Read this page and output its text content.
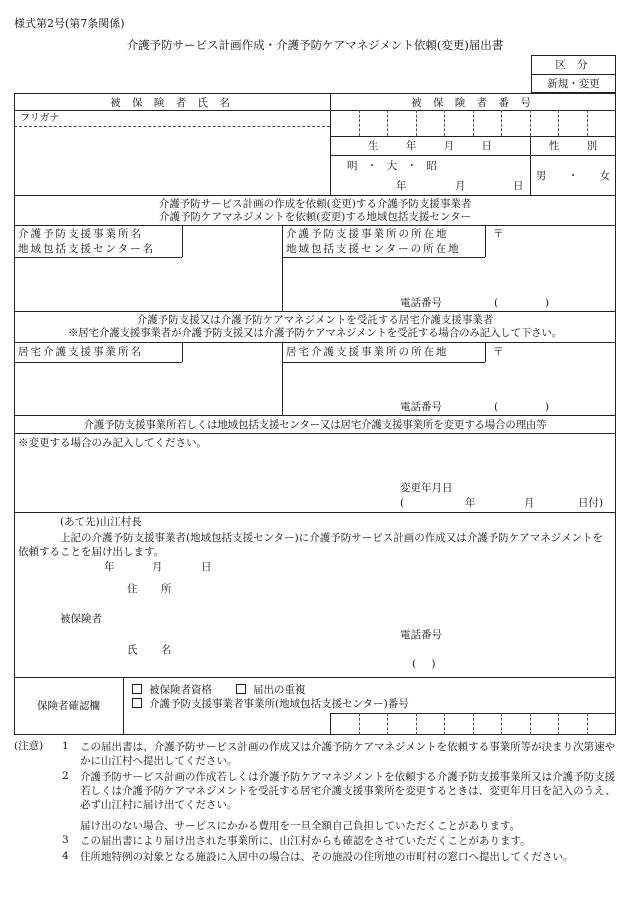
様式第2号(第7条関係)
介護予防サービス計画作成・介護予防ケアマネジメント依頼(変更)届出書
区 分
新規・変更
被 保 険 者 氏 名	被 保 険 者 番 号
フリガナ
生 年 月 日	性 別
明 ・ 大 ・ 昭
年	月	日
男 ・ 女
介護予防サービス計画の作成を依頼(変更)する介護予防支援事業者
介護予防ケアマネジメントを依頼(変更)する地域包括支援センター
介護予防支援事業所名
地域包括支援センター名
介護予防支援事業所の所在地
地域包括支援センターの所在地
〒
電話番号	(	)
介護予防支援又は介護予防ケアマネジメントを受託する居宅介護支援事業者
※居宅介護支援事業者が介護予防支援又は介護予防ケアマネジメントを受託する場合のみ記入して下さい。
居宅介護支援事業所名	居宅介護支援事業所の所在地	〒
電話番号	(	)
介護予防支援事業所若しくは地域包括支援センター又は居宅介護支援事業所を変更する場合の理由等
※変更する場合のみ記入してください。
変更年月日
(	年	月	日付)
(あて先)山江村長
上記の介護予防支援事業者(地域包括支援センター)に介護予防サービス計画の作成又は介護予防ケアマネジメントを依頼することを届け出します。
年	月	日
住 所
被保険者
電話番号
氏 名
( )
保険者確認欄
被保険者資格	届出の重複
介護予防支援事業者事業所(地域包括支援センター)番号
(注意) 1 この届出書は、介護予防サービス計画の作成又は介護予防ケアマネジメントを依頼する事業所等が決まり次第速やかに山江村へ提出してください。
2 介護予防サービス計画の作成若しくは介護予防ケアマネジメントを依頼する介護予防支援事業所又は介護予防支援若しくは介護予防ケアマネジメントを受託する居宅介護支援事業所を変更するときは、変更年月日を記入のうえ、必ず山江村に届け出てください。
届け出のない場合、サービスにかかる費用を一旦全額自己負担していただくことがあります。
3 この届出書により届け出された事業所に、山江村からも確認をさせていただくことがあります。
4 住所地特例の対象となる施設に入居中の場合は、その施設の住所地の市町村の窓口へ提出してください。
